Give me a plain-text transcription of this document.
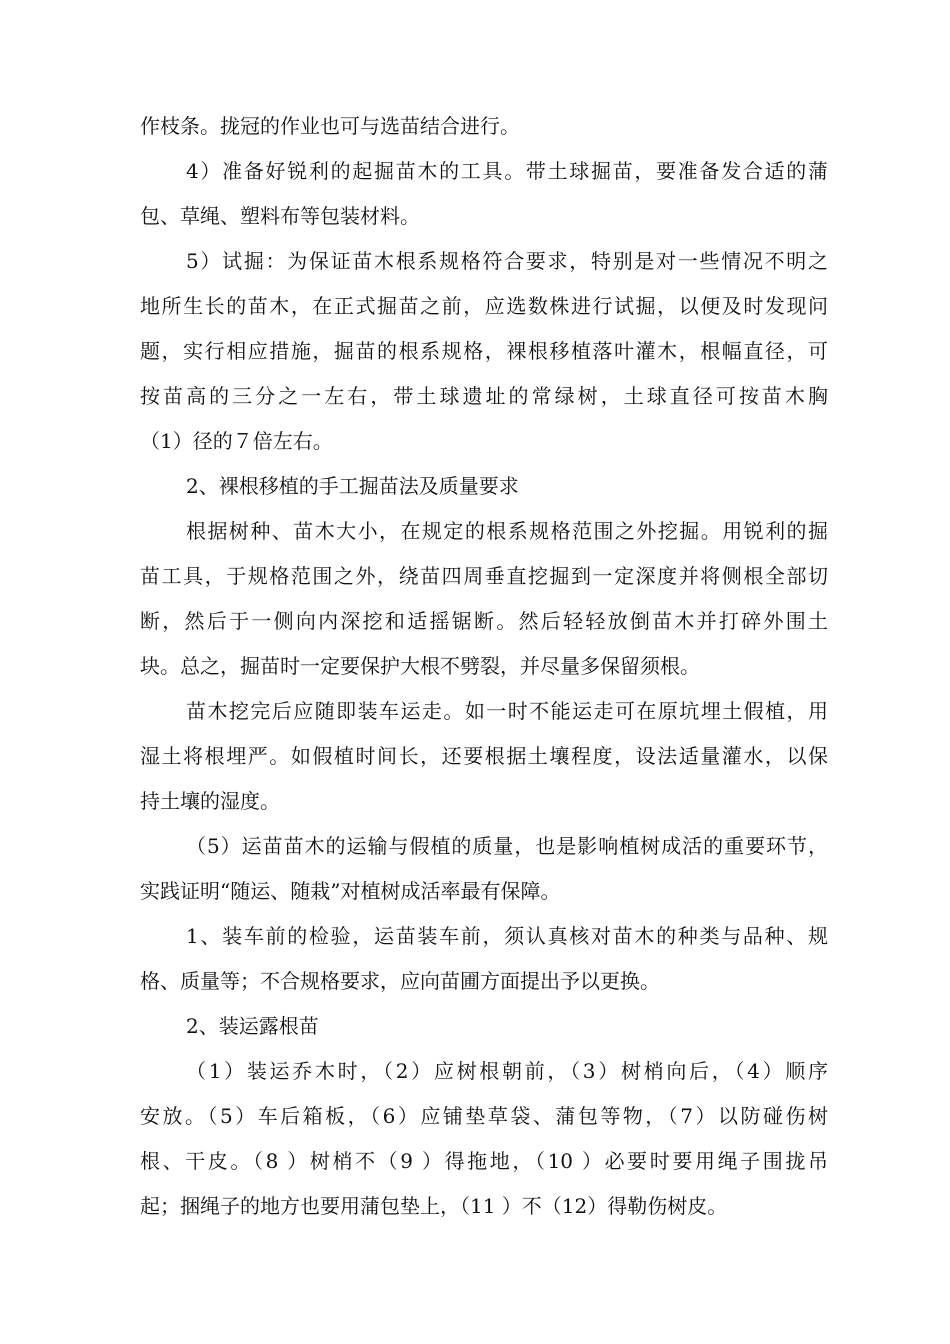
作枝条。拢冠的作业也可与选苗结合进行。
4）准备好锐利的起掘苗木的工具。带土球掘苗，要准备发合适的蒲
包、草绳、塑料布等包装材料。
5）试掘：为保证苗木根系规格符合要求，特别是对一些情况不明之
地所生长的苗木，在正式掘苗之前，应选数株进行试掘，以便及时发现问
题，实行相应措施，掘苗的根系规格，裸根移植落叶灌木，根幅直径，可
按苗高的三分之一左右，带土球遗址的常绿树，土球直径可按苗木胸
（1）径的７倍左右。
2、裸根移植的手工掘苗法及质量要求
根据树种、苗木大小，在规定的根系规格范围之外挖掘。用锐利的掘
苗工具，于规格范围之外，绕苗四周垂直挖掘到一定深度并将侧根全部切
断，然后于一侧向内深挖和适摇锯断。然后轻轻放倒苗木并打碎外围土
块。总之，掘苗时一定要保护大根不劈裂，并尽量多保留须根。
苗木挖完后应随即装车运走。如一时不能运走可在原坑埋土假植，用
湿土将根埋严。如假植时间长，还要根据土壤程度，设法适量灌水，以保
持土壤的湿度。
（5）运苗苗木的运输与假植的质量，也是影响植树成活的重要环节，
实践证明“随运、随栽”对植树成活率最有保障。
1、装车前的检验，运苗装车前，须认真核对苗木的种类与品种、规
格、质量等；不合规格要求，应向苗圃方面提出予以更换。
2、装运露根苗
（1）装运乔木时，（2）应树根朝前，（3）树梢向后，（4）顺序
安放。（5）车后箱板，（6）应铺垫草袋、蒲包等物，（7）以防碰伤树
根、干皮。（8 ）树梢不（9 ）得拖地，（10 ）必要时要用绳子围拢吊
起；捆绳子的地方也要用蒲包垫上，（11 ）不（12）得勒伤树皮。
